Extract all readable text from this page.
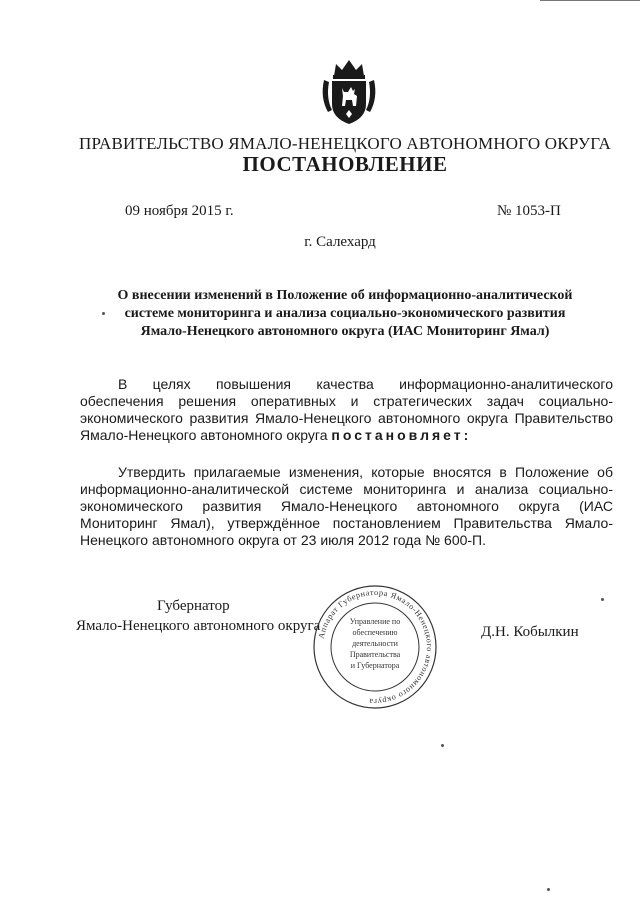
ПРАВИТЕЛЬСТВО ЯМАЛО-НЕНЕЦКОГО АВТОНОМНОГО ОКРУГА
ПОСТАНОВЛЕНИЕ
09 ноября 2015 г.	№ 1053-П
г. Салехард
О внесении изменений в Положение об информационно-аналитической
системе мониторинга и анализа социально-экономического развития
Ямало-Ненецкого автономного округа (ИАС Мониторинг Ямал)
В целях повышения качества информационно-аналитического обеспечения решения оперативных и стратегических задач социально-экономического развития Ямало-Ненецкого автономного округа Правительство Ямало-Ненецкого автономного округа постановляет:
Утвердить прилагаемые изменения, которые вносятся в Положение об информационно-аналитической системе мониторинга и анализа социально-экономического развития Ямало-Ненецкого автономного округа (ИАС Мониторинг Ямал), утверждённое постановлением Правительства Ямало-Ненецкого автономного округа от 23 июля 2012 года № 600-П.
Губернатор
Ямало-Ненецкого автономного округа	Д.Н. Кобылкин
Аппарат Губернатора Ямало-Ненецкого автономного округа
Управление по
обеспечению
деятельности
Правительства
и Губернатора
